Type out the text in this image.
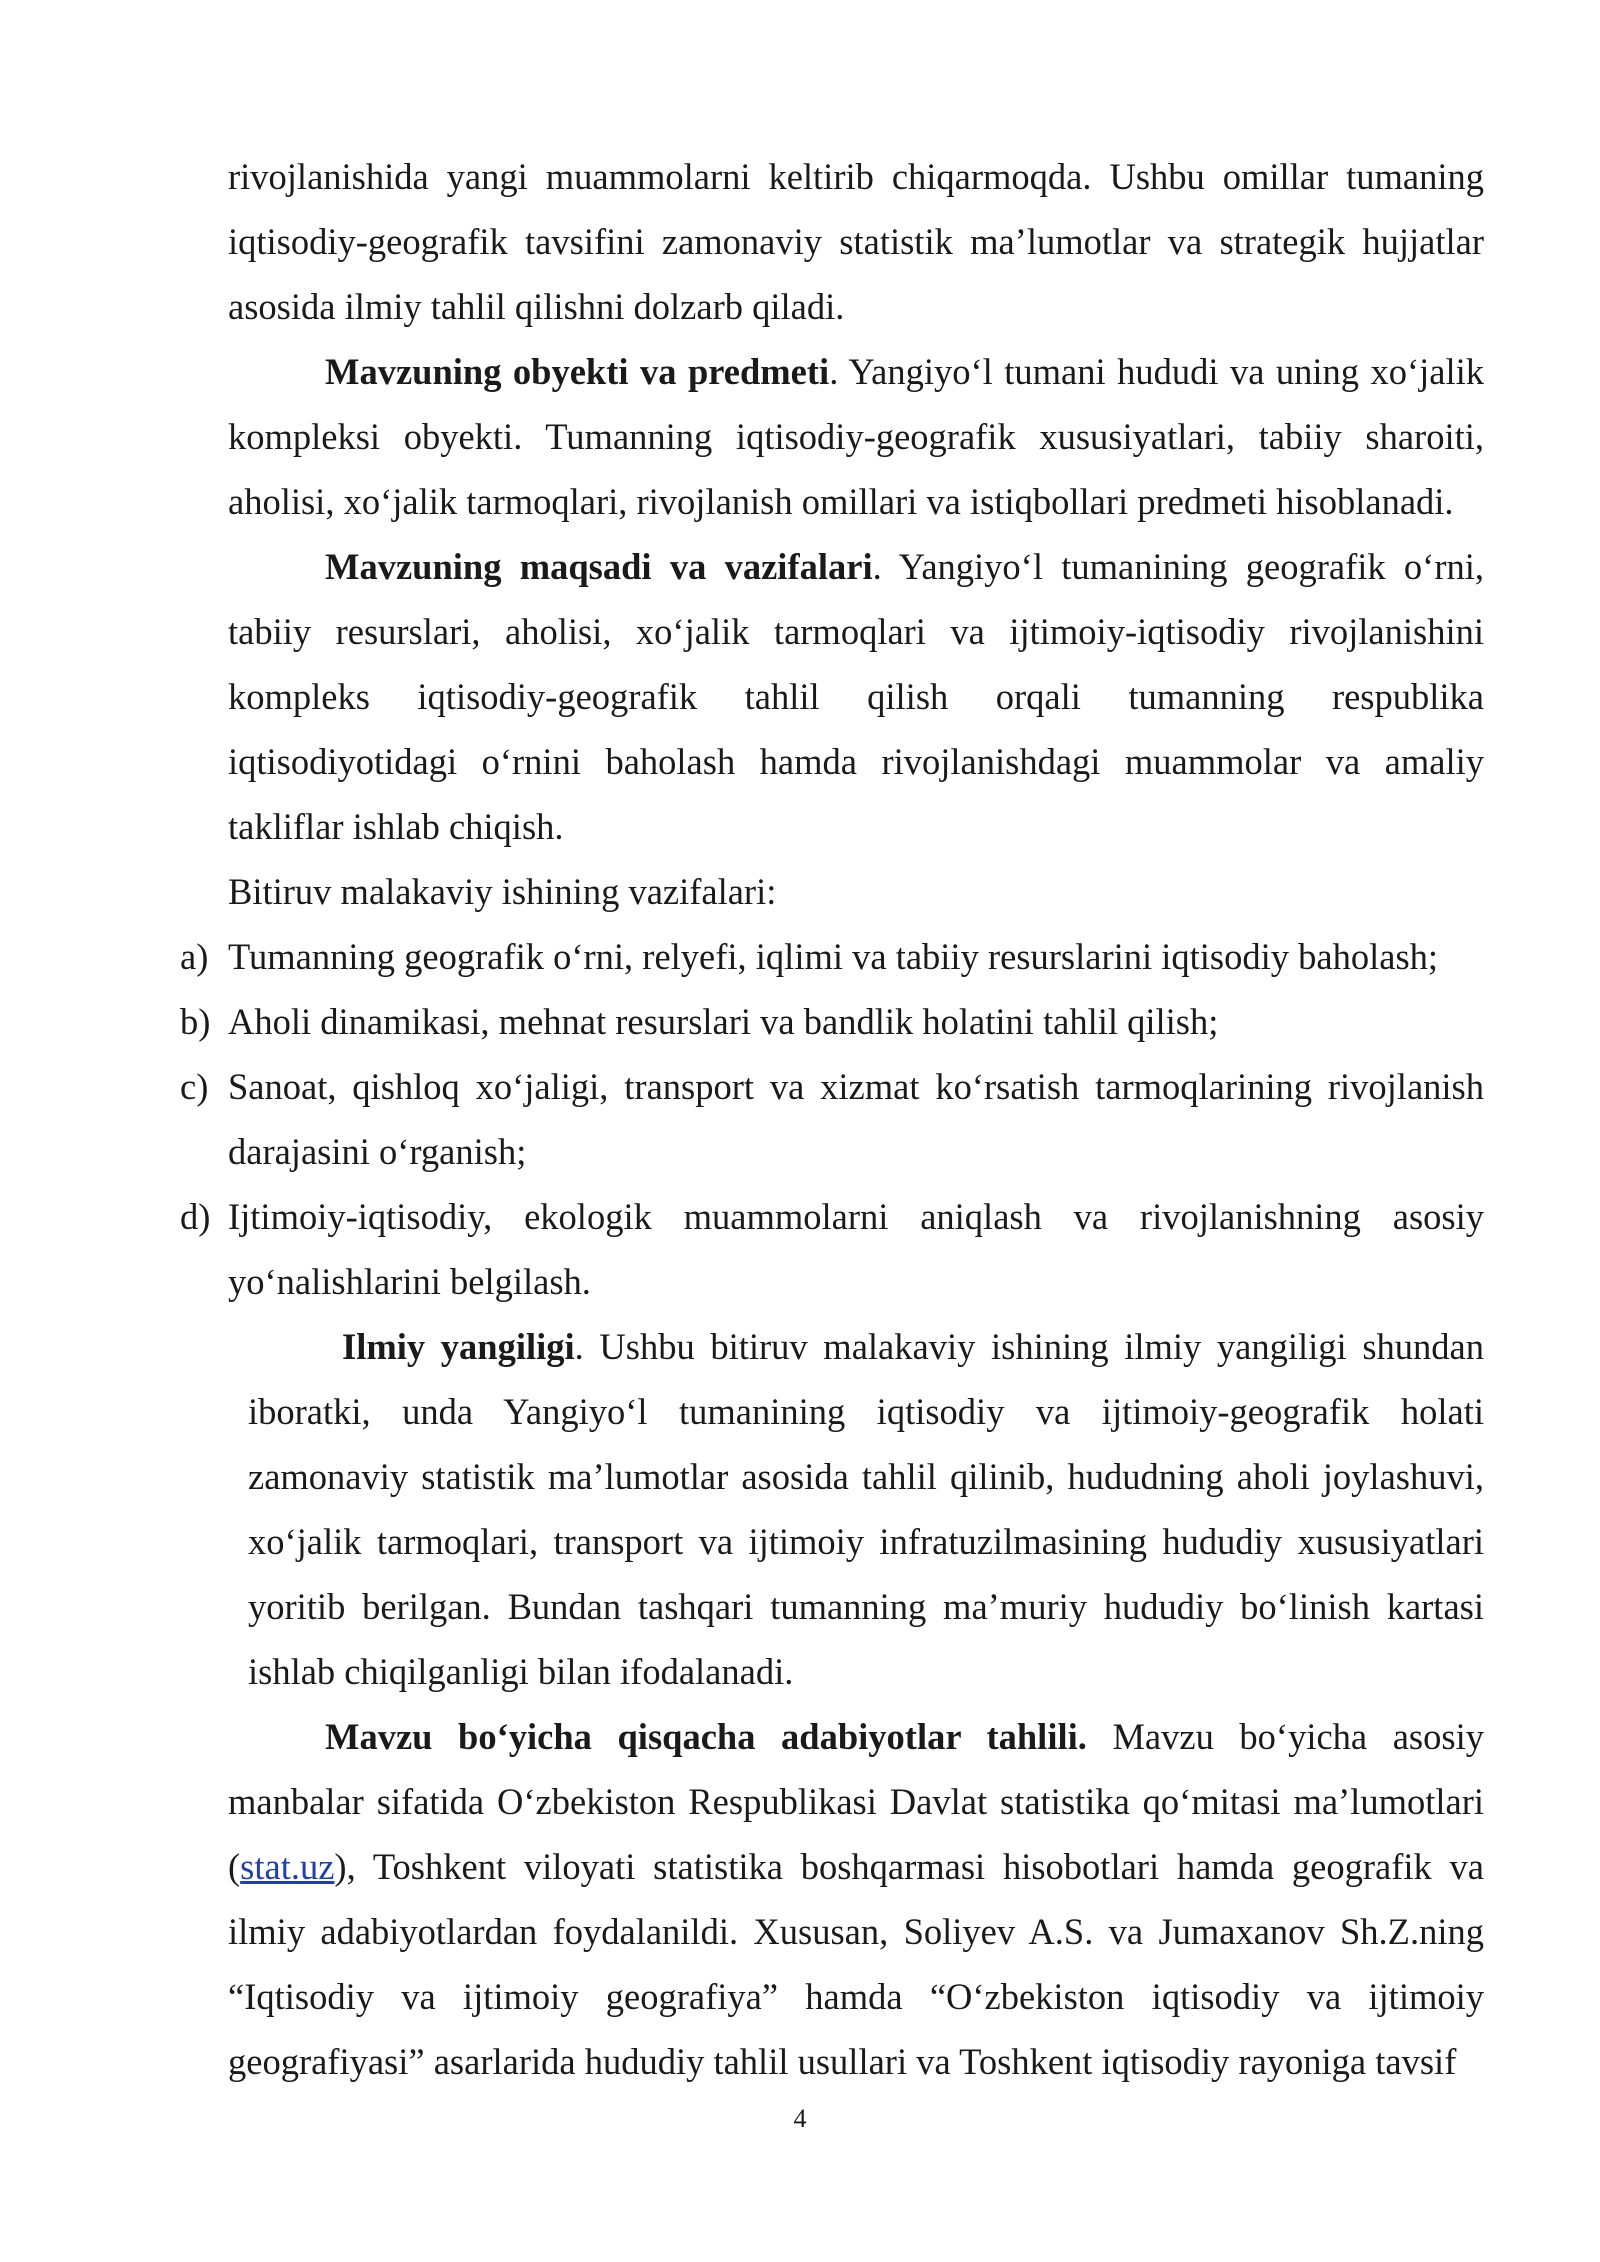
rivojlanishida yangi muammolarni keltirib chiqarmoqda. Ushbu omillar tumaning iqtisodiy-geografik tavsifini zamonaviy statistik ma’lumotlar va strategik hujjatlar asosida ilmiy tahlil qilishni dolzarb qiladi.

Mavzuning obyekti va predmeti. Yangiyo‘l tumani hududi va uning xo‘jalik kompleksi obyekti. Tumanning iqtisodiy-geografik xususiyatlari, tabiiy sharoiti, aholisi, xo‘jalik tarmoqlari, rivojlanish omillari va istiqbollari predmeti hisoblanadi.

Mavzuning maqsadi va vazifalari. Yangiyo‘l tumanining geografik o‘rni, tabiiy resurslari, aholisi, xo‘jalik tarmoqlari va ijtimoiy-iqtisodiy rivojlanishini kompleks iqtisodiy-geografik tahlil qilish orqali tumanning respublika iqtisodiyotidagi o‘rnini baholash hamda rivojlanishdagi muammolar va amaliy takliflar ishlab chiqish.

Bitiruv malakaviy ishining vazifalari:

a) Tumanning geografik o‘rni, relyefi, iqlimi va tabiiy resurslarini iqtisodiy baholash;

b) Aholi dinamikasi, mehnat resurslari va bandlik holatini tahlil qilish;

c) Sanoat, qishloq xo‘jaligi, transport va xizmat ko‘rsatish tarmoqlarining rivojlanish darajasini o‘rganish;

d) Ijtimoiy-iqtisodiy, ekologik muammolarni aniqlash va rivojlanishning asosiy yo‘nalishlarini belgilash.

Ilmiy yangiligi. Ushbu bitiruv malakaviy ishining ilmiy yangiligi shundan iboratki, unda Yangiyo‘l tumanining iqtisodiy va ijtimoiy-geografik holati zamonaviy statistik ma’lumotlar asosida tahlil qilinib, hududning aholi joylashuvi, xo‘jalik tarmoqlari, transport va ijtimoiy infratuzilmasining hududiy xususiyatlari yoritib berilgan. Bundan tashqari tumanning ma’muriy hududiy bo‘linish kartasi ishlab chiqilganligi bilan ifodalanadi.

Mavzu bo‘yicha qisqacha adabiyotlar tahlili. Mavzu bo‘yicha asosiy manbalar sifatida O‘zbekiston Respublikasi Davlat statistika qo‘mitasi ma’lumotlari (stat.uz), Toshkent viloyati statistika boshqarmasi hisobotlari hamda geografik va ilmiy adabiyotlardan foydalanildi. Xususan, Soliyev A.S. va Jumaxanov Sh.Z.ning “Iqtisodiy va ijtimoiy geografiya” hamda “O‘zbekiston iqtisodiy va ijtimoiy geografiyasi” asarlarida hududiy tahlil usullari va Toshkent iqtisodiy rayoniga tavsif

4
